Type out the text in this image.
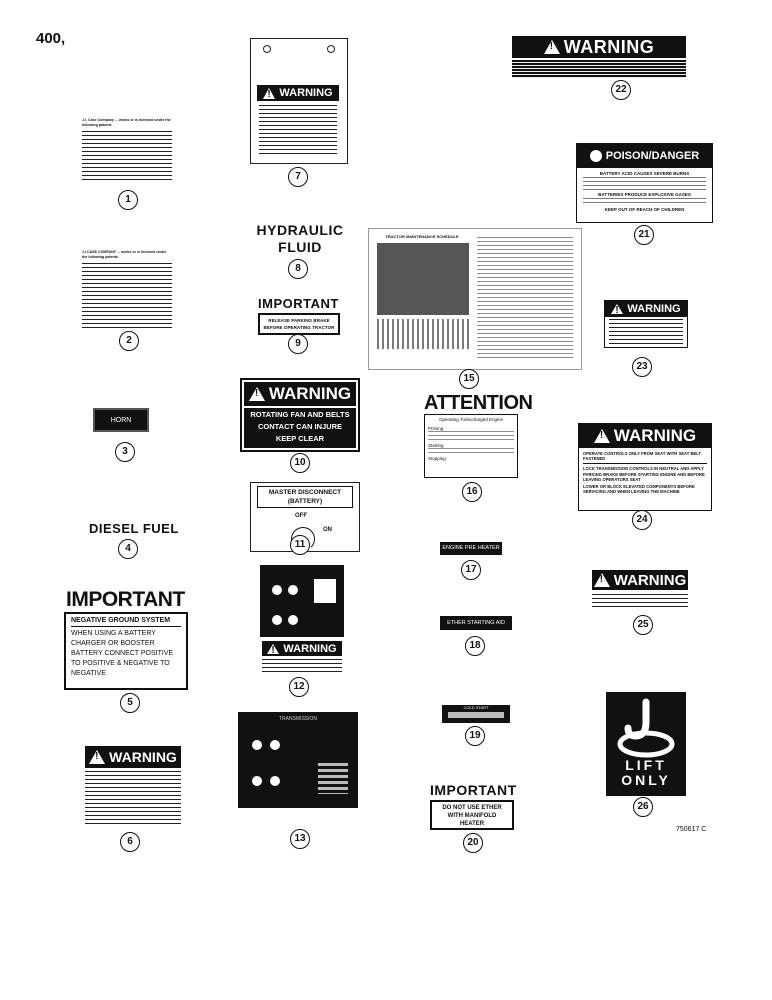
400,
J.I. Case Company ... works or is licensed under the following patents
1
J.I.CASE COMPANY ... works or is licensed under the following patents
2
HORN
3
DIESEL FUEL
4
IMPORTANT
NEGATIVE GROUND SYSTEM
WHEN USING A BATTERY CHARGER OR BOOSTER BATTERY CONNECT POSITIVE TO POSITIVE & NEGATIVE TO NEGATIVE
5
!
WARNING
6
!
WARNING
7
HYDRAULIC FLUID
8
IMPORTANT
RELEASE PARKING BRAKE BEFORE OPERATING TRACTOR
9
!
WARNING
ROTATING FAN AND BELTS CONTACT CAN INJURE KEEP CLEAR
10
MASTER DISCONNECT (BATTERY)
OFF
ON
11
!
WARNING
12
TRANSMISSION
13
TRACTOR MAINTENANCE SCHEDULE
15
ATTENTION
Operating Turbocharged Engine
Priming
Starting
Stopping
16
ENGINE PRE HEATER
17
ETHER STARTING AID
18
COLD START
19
IMPORTANT
DO NOT USE ETHER WITH MANIFOLD HEATER
20
!
WARNING
22
POISON/DANGER
BATTERY ACID CAUSES SEVERE BURNS
BATTERIES PRODUCE EXPLOSIVE GASES
KEEP OUT OF REACH OF CHILDREN
21
!
WARNING
23
!
WARNING
OPERATE CONTROLS ONLY FROM SEAT WITH SEAT BELT FASTENED
LOCK TRANSMISSION CONTROLS IN NEUTRAL AND APPLY PARKING BRAKE BEFORE STARTING ENGINE AND BEFORE LEAVING OPERATORS SEAT
LOWER OR BLOCK ELEVATED COMPONENTS BEFORE SERVICING AND WHEN LEAVING THE MACHINE
24
!
WARNING
25
LIFT ONLY
26
750617 C
